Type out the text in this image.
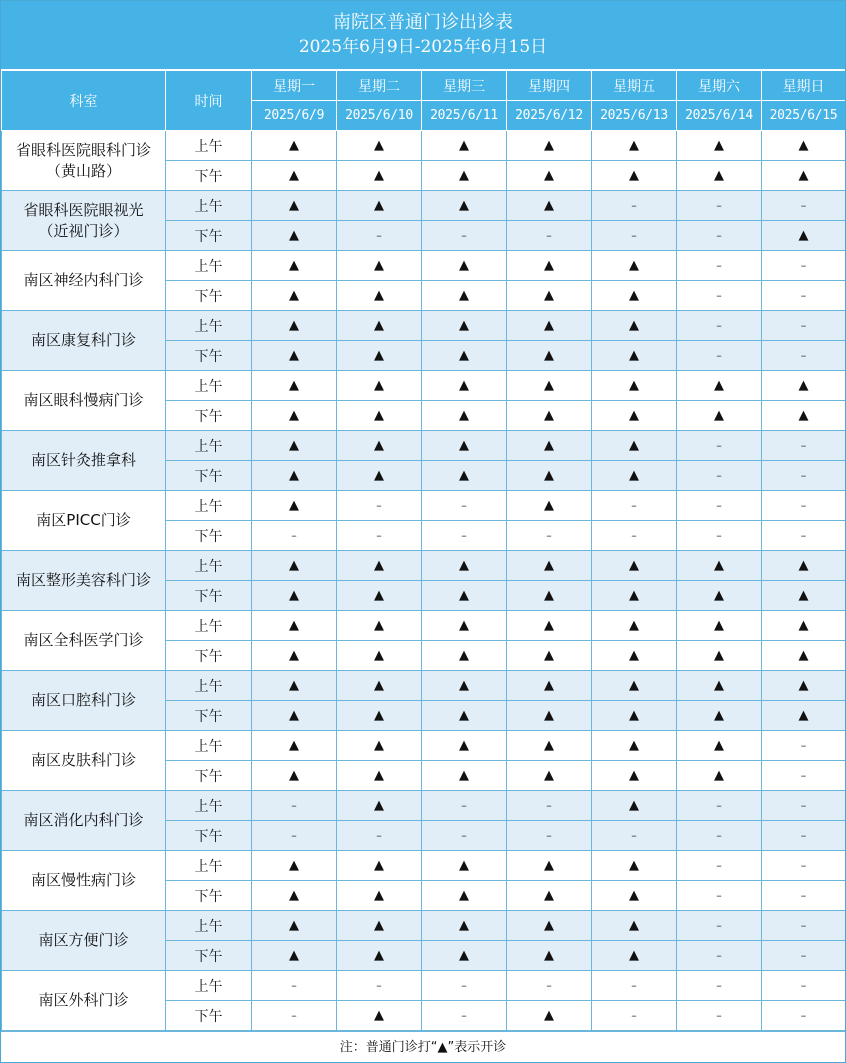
南院区普通门诊出诊表
2025年6月9日-2025年6月15日
科室	时间	星期一	星期二	星期三	星期四	星期五	星期六	星期日
		2025/6/9	2025/6/10	2025/6/11	2025/6/12	2025/6/13	2025/6/14	2025/6/15

省眼科医院眼科门诊
（黄山路）	上午	▲	▲	▲	▲	▲	▲	▲
	下午	▲	▲	▲	▲	▲	▲	▲

省眼科医院眼视光
（近视门诊）	上午	▲	▲	▲	▲	–	–	–
	下午	▲	–	–	–	–	–	▲

南区神经内科门诊	上午	▲	▲	▲	▲	▲	–	–
	下午	▲	▲	▲	▲	▲	–	–

南区康复科门诊	上午	▲	▲	▲	▲	▲	–	–
	下午	▲	▲	▲	▲	▲	–	–

南区眼科慢病门诊	上午	▲	▲	▲	▲	▲	▲	▲
	下午	▲	▲	▲	▲	▲	▲	▲

南区针灸推拿科	上午	▲	▲	▲	▲	▲	–	–
	下午	▲	▲	▲	▲	▲	–	–

南区PICC门诊	上午	▲	–	–	▲	–	–	–
	下午	–	–	–	–	–	–	–

南区整形美容科门诊	上午	▲	▲	▲	▲	▲	▲	▲
	下午	▲	▲	▲	▲	▲	▲	▲

南区全科医学门诊	上午	▲	▲	▲	▲	▲	▲	▲
	下午	▲	▲	▲	▲	▲	▲	▲

南区口腔科门诊	上午	▲	▲	▲	▲	▲	▲	▲
	下午	▲	▲	▲	▲	▲	▲	▲

南区皮肤科门诊	上午	▲	▲	▲	▲	▲	▲	–
	下午	▲	▲	▲	▲	▲	▲	–

南区消化内科门诊	上午	–	▲	–	–	▲	–	–
	下午	–	–	–	–	–	–	–

南区慢性病门诊	上午	▲	▲	▲	▲	▲	–	–
	下午	▲	▲	▲	▲	▲	–	–

南区方便门诊	上午	▲	▲	▲	▲	▲	–	–
	下午	▲	▲	▲	▲	▲	–	–

南区外科门诊	上午	–	–	–	–	–	–	–
	下午	–	▲	–	▲	–	–	–
注：普通门诊打“▲”表示开诊
